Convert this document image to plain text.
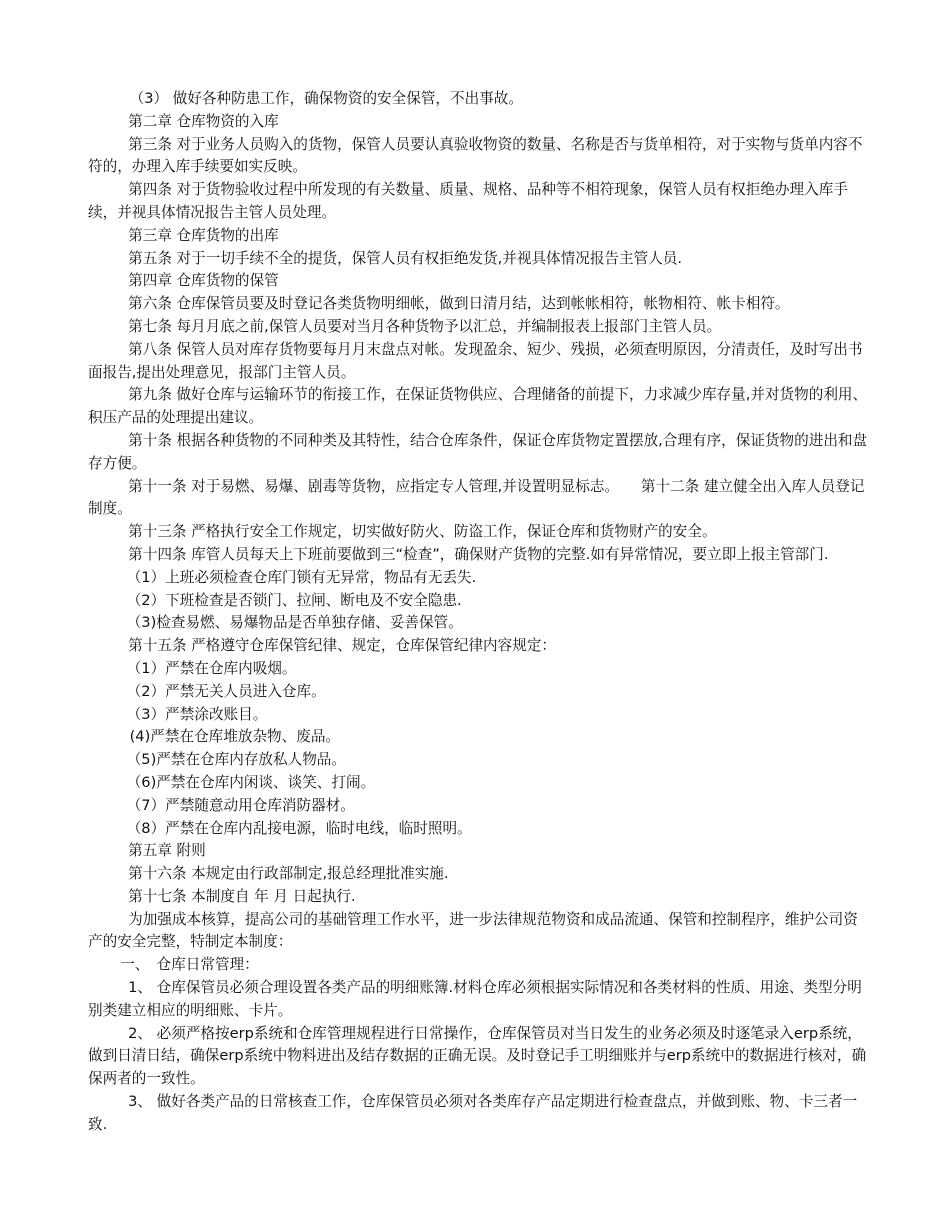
（3） 做好各种防患工作，确保物资的安全保管，不出事故。

第二章 仓库物资的入库

第三条 对于业务人员购入的货物，保管人员要认真验收物资的数量、名称是否与货单相符，对于实物与货单内容不符的，办理入库手续要如实反映。

第四条 对于货物验收过程中所发现的有关数量、质量、规格、品种等不相符现象，保管人员有权拒绝办理入库手续，并视具体情况报告主管人员处理。

第三章 仓库货物的出库

第五条 对于一切手续不全的提货，保管人员有权拒绝发货,并视具体情况报告主管人员.

第四章 仓库货物的保管

第六条 仓库保管员要及时登记各类货物明细帐，做到日清月结，达到帐帐相符，帐物相符、帐卡相符。

第七条 每月月底之前,保管人员要对当月各种货物予以汇总，并编制报表上报部门主管人员。

第八条 保管人员对库存货物要每月月末盘点对帐。发现盈余、短少、残损，必须查明原因，分清责任，及时写出书面报告,提出处理意见，报部门主管人员。

第九条 做好仓库与运输环节的衔接工作，在保证货物供应、合理储备的前提下，力求减少库存量,并对货物的利用、积压产品的处理提出建议。

第十条 根据各种货物的不同种类及其特性，结合仓库条件，保证仓库货物定置摆放,合理有序，保证货物的进出和盘存方便。

第十一条 对于易燃、易爆、剧毒等货物，应指定专人管理,并设置明显标志。　　第十二条 建立健全出入库人员登记制度。

第十三条 严格执行安全工作规定，切实做好防火、防盗工作，保证仓库和货物财产的安全。

第十四条 库管人员每天上下班前要做到三“检查”，确保财产货物的完整.如有异常情况，要立即上报主管部门.

（1）上班必须检查仓库门锁有无异常，物品有无丢失.

（2）下班检查是否锁门、拉闸、断电及不安全隐患.

（3)检查易燃、易爆物品是否单独存储、妥善保管。

第十五条 严格遵守仓库保管纪律、规定，仓库保管纪律内容规定：

（1）严禁在仓库内吸烟。

（2）严禁无关人员进入仓库。

（3）严禁涂改账目。

(4)严禁在仓库堆放杂物、废品。

（5)严禁在仓库内存放私人物品。

（6)严禁在仓库内闲谈、谈笑、打闹。

（7）严禁随意动用仓库消防器材。

（8）严禁在仓库内乱接电源，临时电线，临时照明。

第五章 附则

第十六条 本规定由行政部制定,报总经理批准实施.

第十七条 本制度自 年 月 日起执行.

为加强成本核算，提高公司的基础管理工作水平，进一步法律规范物资和成品流通、保管和控制程序，维护公司资产的安全完整，特制定本制度：

一、　仓库日常管理：

1、 仓库保管员必须合理设置各类产品的明细账簿.材料仓库必须根据实际情况和各类材料的性质、用途、类型分明别类建立相应的明细账、卡片。

2、 必须严格按erp系统和仓库管理规程进行日常操作，仓库保管员对当日发生的业务必须及时逐笔录入erp系统，做到日清日结，确保erp系统中物料进出及结存数据的正确无误。及时登记手工明细账并与erp系统中的数据进行核对，确保两者的一致性。

3、 做好各类产品的日常核查工作，仓库保管员必须对各类库存产品定期进行检查盘点，并做到账、物、卡三者一致.
